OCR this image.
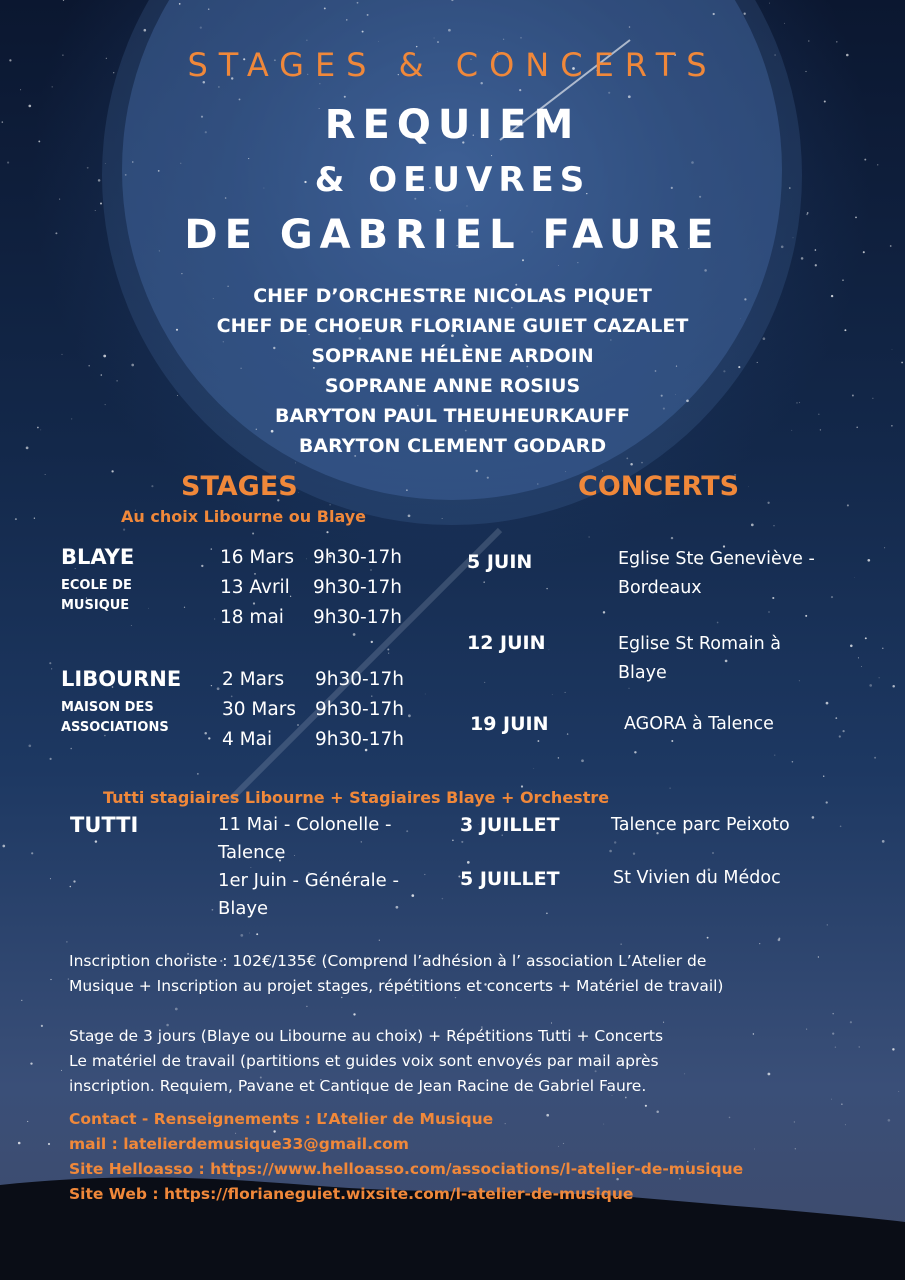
STAGES & CONCERTS
REQUIEM
& OEUVRES
DE GABRIEL FAURE
CHEF D’ORCHESTRE NICOLAS PIQUET
CHEF DE CHOEUR FLORIANE GUIET CAZALET
SOPRANE HÉLÈNE ARDOIN
SOPRANE ANNE ROSIUS
BARYTON PAUL THEUHEURKAUFF
BARYTON CLEMENT GODARD
STAGES
Au choix Libourne ou Blaye
BLAYE
ECOLE DE
MUSIQUE
16 Mars 9h30-17h
13 Avril 9h30-17h
18 mai 9h30-17h
LIBOURNE
MAISON DES
ASSOCIATIONS
2 Mars 9h30-17h
30 Mars 9h30-17h
4 Mai 9h30-17h
Tutti stagiaires Libourne + Stagiaires Blaye + Orchestre
TUTTI	11 Mai - Colonelle -
Talence
1er Juin - Générale -
Blaye
CONCERTS
5 JUIN	Eglise Ste Geneviève -
Bordeaux
12 JUIN	Eglise St Romain à
Blaye
19 JUIN	AGORA à Talence
3 JUILLET	Talence parc Peixoto
5 JUILLET	St Vivien du Médoc
Inscription choriste : 102€/135€ (Comprend l’adhésion à l’ association L’Atelier de
Musique + Inscription au projet stages, répétitions et concerts + Matériel de travail)
Stage de 3 jours (Blaye ou Libourne au choix) + Répétitions Tutti + Concerts
Le matériel de travail (partitions et guides voix sont envoyés par mail après
inscription. Requiem, Pavane et Cantique de Jean Racine de Gabriel Faure.
Contact - Renseignements : L’Atelier de Musique
mail : latelierdemusique33@gmail.com
Site Helloasso : https://www.helloasso.com/associations/l-atelier-de-musique
Site Web : https://florianeguiet.wixsite.com/l-atelier-de-musique
